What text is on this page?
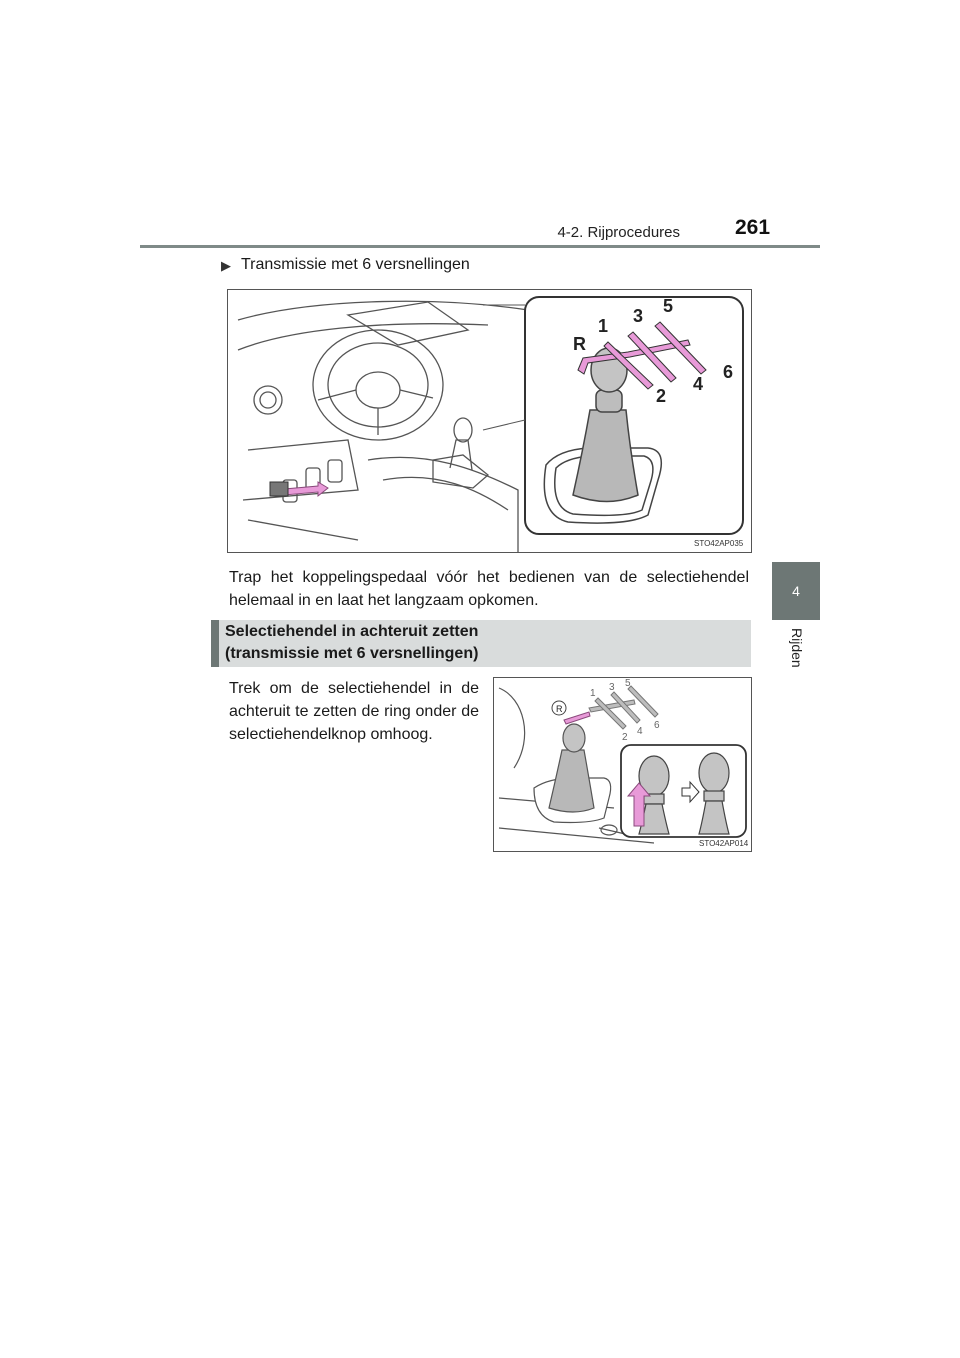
4-2. Rijprocedures	261
4
Rijden
▶ Transmissie met 6 versnellingen
R
1 3 5
2
4
6
STO42AP035
Trap het koppelingspedaal vóór het bedienen van de selectiehendel helemaal in en laat het langzaam opkomen.
Selectiehendel in achteruit zetten
(transmissie met 6 versnellingen)
Trek om de selectiehendel in de achteruit te zetten de ring onder de selectiehendelknop omhoog.
R
1
3 5
2
4
6
STO42AP014
